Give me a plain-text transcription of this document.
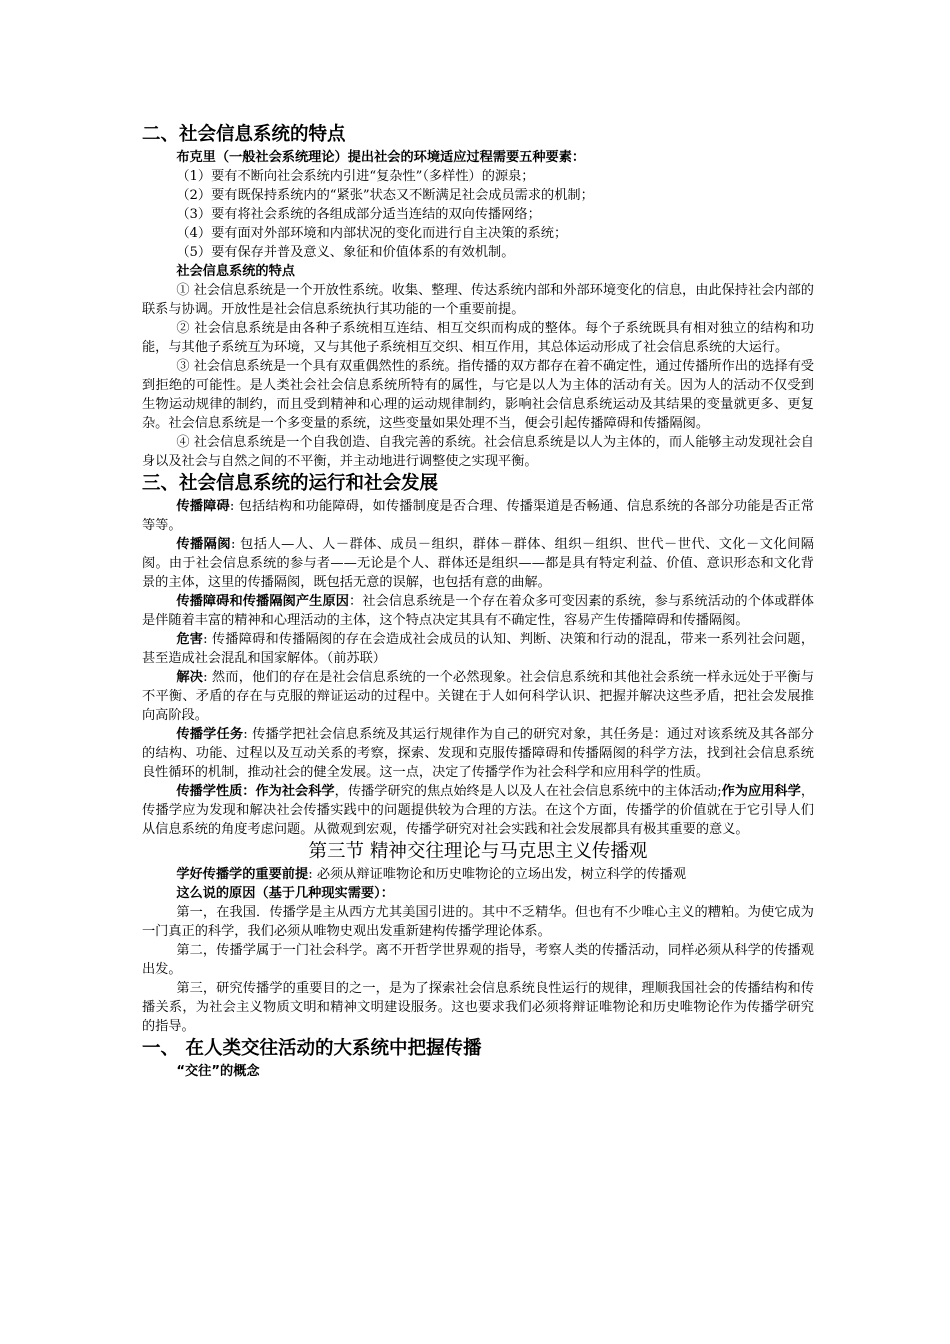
二、社会信息系统的特点

布克里（一般社会系统理论）提出社会的环境适应过程需要五种要素：

（1）要有不断向社会系统内引进“复杂性”（多样性）的源泉；

（2）要有既保持系统内的“紧张”状态又不断满足社会成员需求的机制；

（3）要有将社会系统的各组成部分适当连结的双向传播网络；

（4）要有面对外部环境和内部状况的变化而进行自主决策的系统；

（5）要有保存并普及意义、象征和价值体系的有效机制。

社会信息系统的特点

① 社会信息系统是一个开放性系统。收集、整理、传达系统内部和外部环境变化的信息，由此保持社会内部的联系与协调。开放性是社会信息系统执行其功能的一个重要前提。

② 社会信息系统是由各种子系统相互连结、相互交织而构成的整体。每个子系统既具有相对独立的结构和功能，与其他子系统互为环境，又与其他子系统相互交织、相互作用，其总体运动形成了社会信息系统的大运行。

③ 社会信息系统是一个具有双重偶然性的系统。指传播的双方都存在着不确定性，通过传播所作出的选择有受到拒绝的可能性。是人类社会社会信息系统所特有的属性，与它是以人为主体的活动有关。因为人的活动不仅受到生物运动规律的制约，而且受到精神和心理的运动规律制约，影响社会信息系统运动及其结果的变量就更多、更复杂。社会信息系统是一个多变量的系统，这些变量如果处理不当，便会引起传播障碍和传播隔阂。

④ 社会信息系统是一个自我创造、自我完善的系统。社会信息系统是以人为主体的，而人能够主动发现社会自身以及社会与自然之间的不平衡，并主动地进行调整使之实现平衡。

三、社会信息系统的运行和社会发展

传播障碍: 包括结构和功能障碍，如传播制度是否合理、传播渠道是否畅通、信息系统的各部分功能是否正常等等。

传播隔阂: 包括人—人、人－群体、成员－组织，群体－群体、组织－组织、世代－世代、文化－文化间隔阂。由于社会信息系统的参与者——无论是个人、群体还是组织——都是具有特定利益、价值、意识形态和文化背景的主体，这里的传播隔阂，既包括无意的误解，也包括有意的曲解。

传播障碍和传播隔阂产生原因：社会信息系统是一个存在着众多可变因素的系统，参与系统活动的个体或群体是伴随着丰富的精神和心理活动的主体，这个特点决定其具有不确定性，容易产生传播障碍和传播隔阂。

危害: 传播障碍和传播隔阂的存在会造成社会成员的认知、判断、决策和行动的混乱，带来一系列社会问题，甚至造成社会混乱和国家解体。（前苏联）

解决: 然而，他们的存在是社会信息系统的一个必然现象。社会信息系统和其他社会系统一样永远处于平衡与不平衡、矛盾的存在与克服的辩证运动的过程中。关键在于人如何科学认识、把握并解决这些矛盾，把社会发展推向高阶段。

传播学任务: 传播学把社会信息系统及其运行规律作为自己的研究对象，其任务是：通过对该系统及其各部分的结构、功能、过程以及互动关系的考察，探索、发现和克服传播障碍和传播隔阂的科学方法，找到社会信息系统良性循环的机制，推动社会的健全发展。这一点，决定了传播学作为社会科学和应用科学的性质。

传播学性质：作为社会科学，传播学研究的焦点始终是人以及人在社会信息系统中的主体活动;作为应用科学，传播学应为发现和解决社会传播实践中的问题提供较为合理的方法。在这个方面，传播学的价值就在于它引导人们从信息系统的角度考虑问题。从微观到宏观，传播学研究对社会实践和社会发展都具有极其重要的意义。

第三节 精神交往理论与马克思主义传播观

学好传播学的重要前提: 必须从辩证唯物论和历史唯物论的立场出发，树立科学的传播观

这么说的原因（基于几种现实需要）：

第一，在我国．传播学是主从西方尤其美国引进的。其中不乏精华。但也有不少唯心主义的糟粕。为使它成为一门真正的科学，我们必须从唯物史观出发重新建构传播学理论体系。

第二，传播学属于一门社会科学。离不开哲学世界观的指导，考察人类的传播活动，同样必须从科学的传播观出发。

第三，研究传播学的重要目的之一，是为了探索社会信息系统良性运行的规律，理顺我国社会的传播结构和传播关系，为社会主义物质文明和精神文明建设服务。这也要求我们必须将辩证唯物论和历史唯物论作为传播学研究的指导。

一、 在人类交往活动的大系统中把握传播

“交往”的概念
